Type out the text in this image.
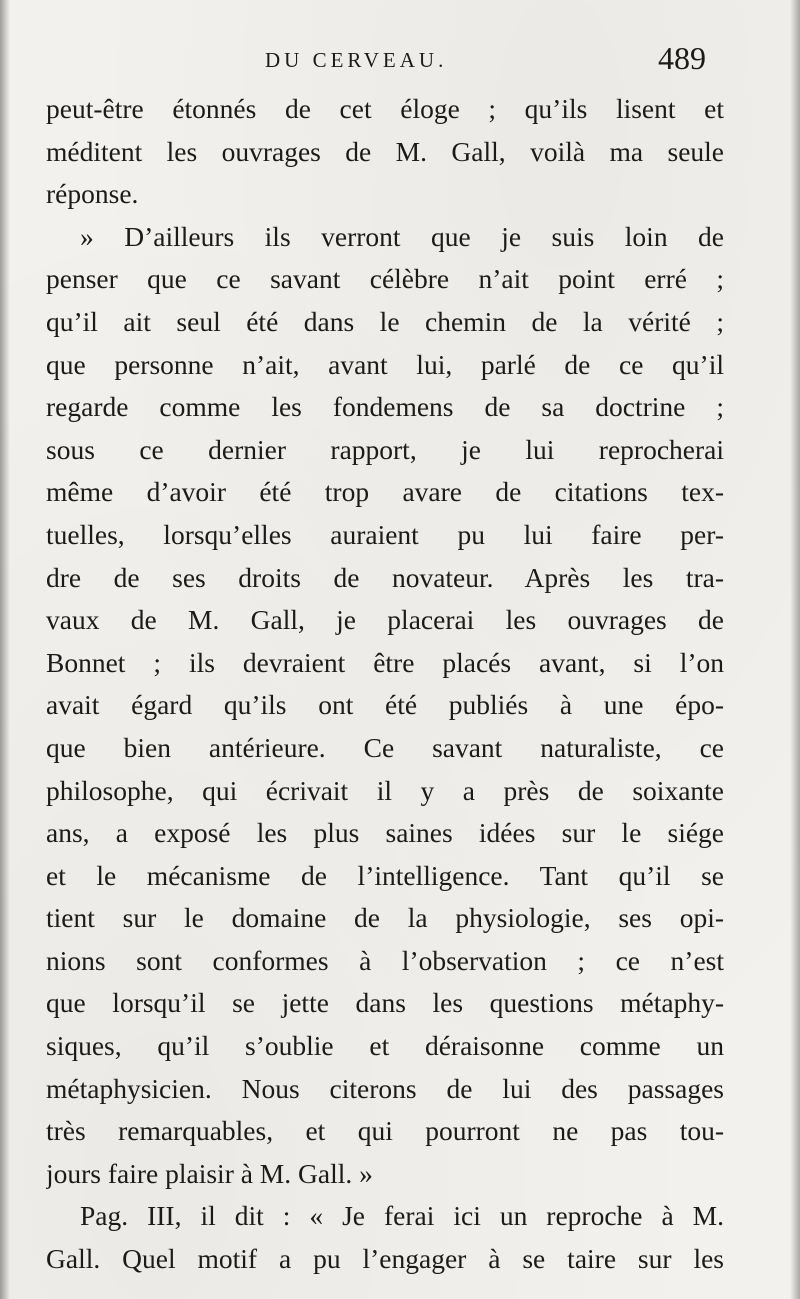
DU CERVEAU.	489
peut-être étonnés de cet éloge ; qu’ils lisent et
méditent les ouvrages de M. Gall, voilà ma seule
réponse.
» D’ailleurs ils verront que je suis loin de
penser que ce savant célèbre n’ait point erré ;
qu’il ait seul été dans le chemin de la vérité ;
que personne n’ait, avant lui, parlé de ce qu’il
regarde comme les fondemens de sa doctrine ;
sous ce dernier rapport, je lui reprocherai
même d’avoir été trop avare de citations tex-
tuelles, lorsqu’elles auraient pu lui faire per-
dre de ses droits de novateur. Après les tra-
vaux de M. Gall, je placerai les ouvrages de
Bonnet ; ils devraient être placés avant, si l’on
avait égard qu’ils ont été publiés à une épo-
que bien antérieure. Ce savant naturaliste, ce
philosophe, qui écrivait il y a près de soixante
ans, a exposé les plus saines idées sur le siége
et le mécanisme de l’intelligence. Tant qu’il se
tient sur le domaine de la physiologie, ses opi-
nions sont conformes à l’observation ; ce n’est
que lorsqu’il se jette dans les questions métaphy-
siques, qu’il s’oublie et déraisonne comme un
métaphysicien. Nous citerons de lui des passages
très remarquables, et qui pourront ne pas tou-
jours faire plaisir à M. Gall. »
Pag. III, il dit : « Je ferai ici un reproche à M.
Gall. Quel motif a pu l’engager à se taire sur les
